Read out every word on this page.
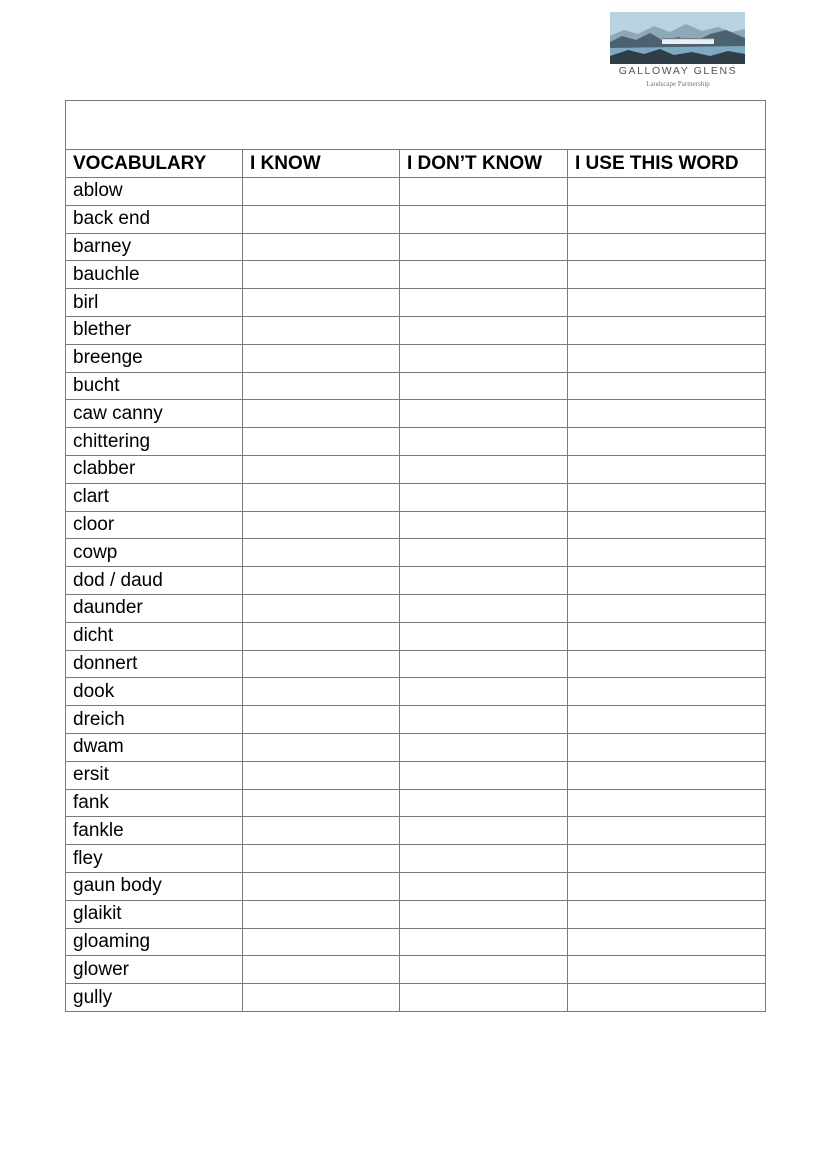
GALLOWAY GLENS
Landscape Partnership

VOCABULARY	I KNOW	I DON’T KNOW	I USE THIS WORD
ablow			
back end			
barney			
bauchle			
birl			
blether			
breenge			
bucht			
caw canny			
chittering			
clabber			
clart			
cloor			
cowp			
dod / daud			
daunder			
dicht			
donnert			
dook			
dreich			
dwam			
ersit			
fank			
fankle			
fley			
gaun body			
glaikit			
gloaming			
glower			
gully			
